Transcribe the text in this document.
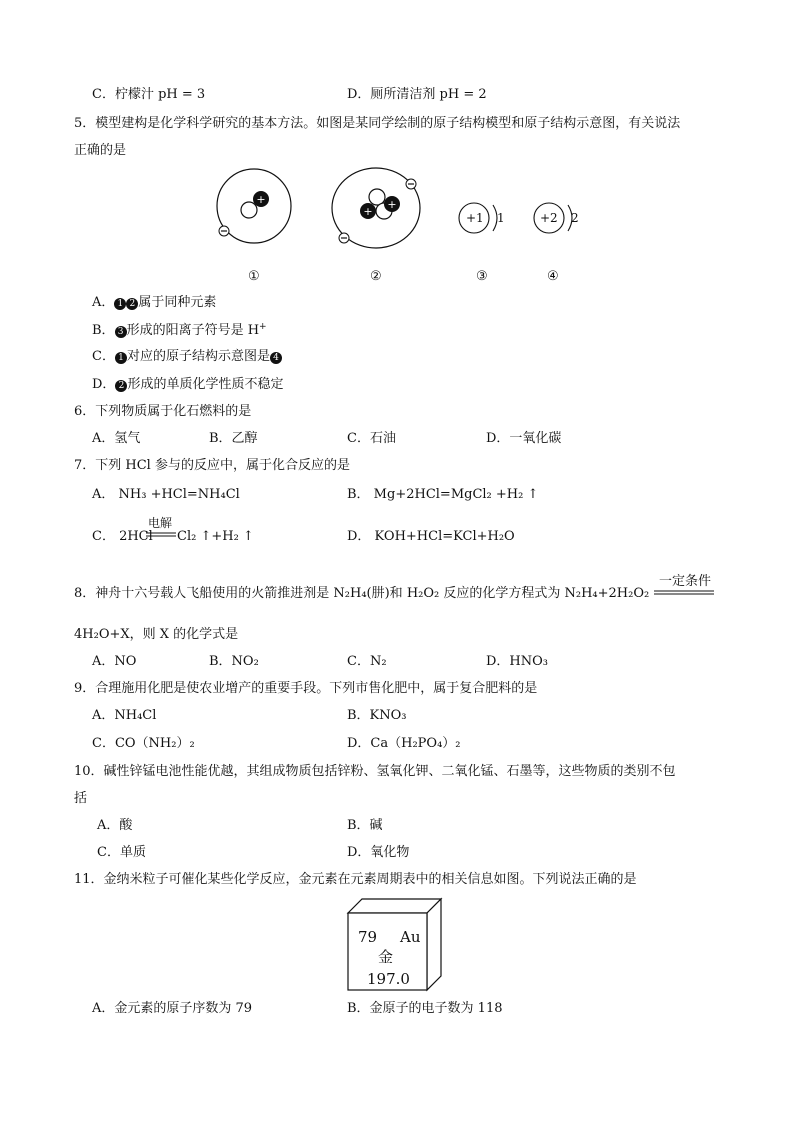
C．柠檬汁 pH = 3	D．厕所清洁剂 pH = 2
5．模型建构是化学科学研究的基本方法。如图是某同学绘制的原子结构模型和原子结构示意图，有关说法
正确的是
+
+
+
+1 1	+2 2
①	②	③	④
A． 1 2 属于同种元素
B． 3 形成的阳离子符号是 H+
C． 1 对应的原子结构示意图是 4
D． 2 形成的单质化学性质不稳定
6．下列物质属于化石燃料的是
A．氢气	B．乙醇	C．石油	D．一氧化碳
7．下列 HCl 参与的反应中，属于化合反应的是
A． NH₃ +HCl=NH₄Cl	B． Mg+2HCl=MgCl₂ +H₂ ↑
C． 2HCl
电解
Cl₂ ↑+H₂ ↑	D． KOH+HCl=KCl+H₂O
8．神舟十六号载人飞船使用的火箭推进剂是 N₂H₄(肼)和 H₂O₂ 反应的化学方程式为 N₂H₄+2H₂O₂
一定条件
4H₂O+X，则 X 的化学式是
A．NO	B．NO₂	C．N₂	D．HNO₃
9．合理施用化肥是使农业增产的重要手段。下列市售化肥中，属于复合肥料的是
A．NH₄Cl	B．KNO₃
C．CO（NH₂）₂	D．Ca（H₂PO₄）₂
10．碱性锌锰电池性能优越，其组成物质包括锌粉、氢氧化钾、二氧化锰、石墨等，这些物质的类别不包
括
A．酸	B．碱
C．单质	D．氧化物
11．金纳米粒子可催化某些化学反应，金元素在元素周期表中的相关信息如图。下列说法正确的是
79 Au
金
197.0
A．金元素的原子序数为 79	B．金原子的电子数为 118
